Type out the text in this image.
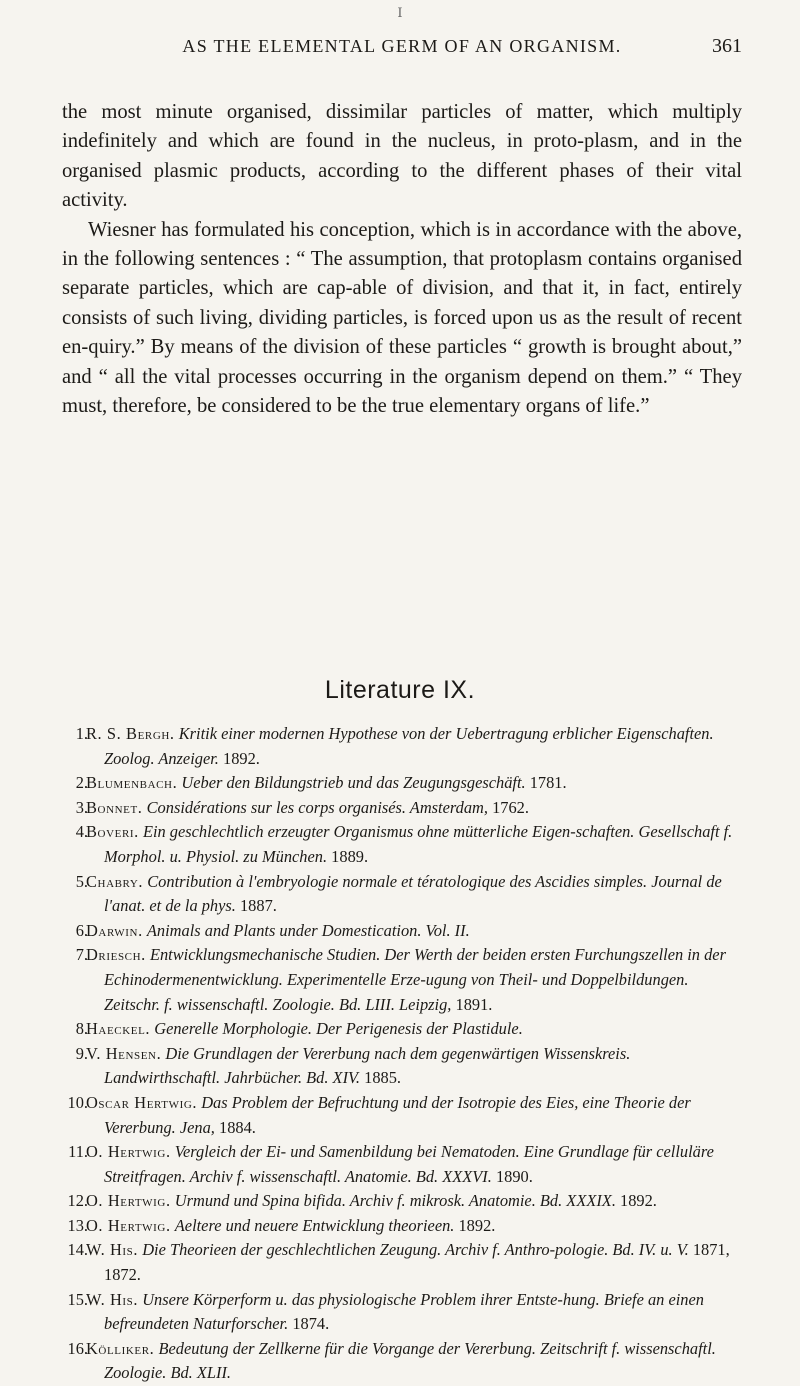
I
AS THE ELEMENTAL GERM OF AN ORGANISM.	361

the most minute organised, dissimilar particles of matter, which multiply indefinitely and which are found in the nucleus, in proto-plasm, and in the organised plasmic products, according to the different phases of their vital activity.

Wiesner has formulated his conception, which is in accordance with the above, in the following sentences : “ The assumption, that protoplasm contains organised separate particles, which are cap-able of division, and that it, in fact, entirely consists of such living, dividing particles, is forced upon us as the result of recent en-quiry.” By means of the division of these particles “ growth is brought about,” and “ all the vital processes occurring in the organism depend on them.” “ They must, therefore, be considered to be the true elementary organs of life.”

Literature IX.
1.
R. S. Bergh. Kritik einer modernen Hypothese von der Uebertragung erblicher Eigenschaften. Zoolog. Anzeiger. 1892.
2.
Blumenbach. Ueber den Bildungstrieb und das Zeugungsgeschäft. 1781.
3.
Bonnet. Considérations sur les corps organisés. Amsterdam, 1762.
4.
Boveri. Ein geschlechtlich erzeugter Organismus ohne mütterliche Eigen-schaften. Gesellschaft f. Morphol. u. Physiol. zu München. 1889.
5.
Chabry. Contribution à l'embryologie normale et tératologique des Ascidies simples. Journal de l'anat. et de la phys. 1887.
6.
Darwin. Animals and Plants under Domestication. Vol. II.
7.
Driesch. Entwicklungsmechanische Studien. Der Werth der beiden ersten Furchungszellen in der Echinodermenentwicklung. Experimentelle Erze-ugung von Theil- und Doppelbildungen. Zeitschr. f. wissenschaftl. Zoologie. Bd. LIII. Leipzig, 1891.
8.
Haeckel. Generelle Morphologie. Der Perigenesis der Plastidule.
9.
V. Hensen. Die Grundlagen der Vererbung nach dem gegenwärtigen Wissenskreis. Landwirthschaftl. Jahrbücher. Bd. XIV. 1885.
10.
Oscar Hertwig. Das Problem der Befruchtung und der Isotropie des Eies, eine Theorie der Vererbung. Jena, 1884.
11.
O. Hertwig. Vergleich der Ei- und Samenbildung bei Nematoden. Eine Grundlage für celluläre Streitfragen. Archiv f. wissenschaftl. Anatomie. Bd. XXXVI. 1890.
12.
O. Hertwig. Urmund und Spina bifida. Archiv f. mikrosk. Anatomie. Bd. XXXIX. 1892.
13.
O. Hertwig. Aeltere und neuere Entwicklung theorieen. 1892.
14.
W. His. Die Theorieen der geschlechtlichen Zeugung. Archiv f. Anthro-pologie. Bd. IV. u. V. 1871, 1872.
15.
W. His. Unsere Körperform u. das physiologische Problem ihrer Entste-hung. Briefe an einen befreundeten Naturforscher. 1874.
16.
Kölliker. Bedeutung der Zellkerne für die Vorgange der Vererbung. Zeitschrift f. wissenschaftl. Zoologie. Bd. XLII.
